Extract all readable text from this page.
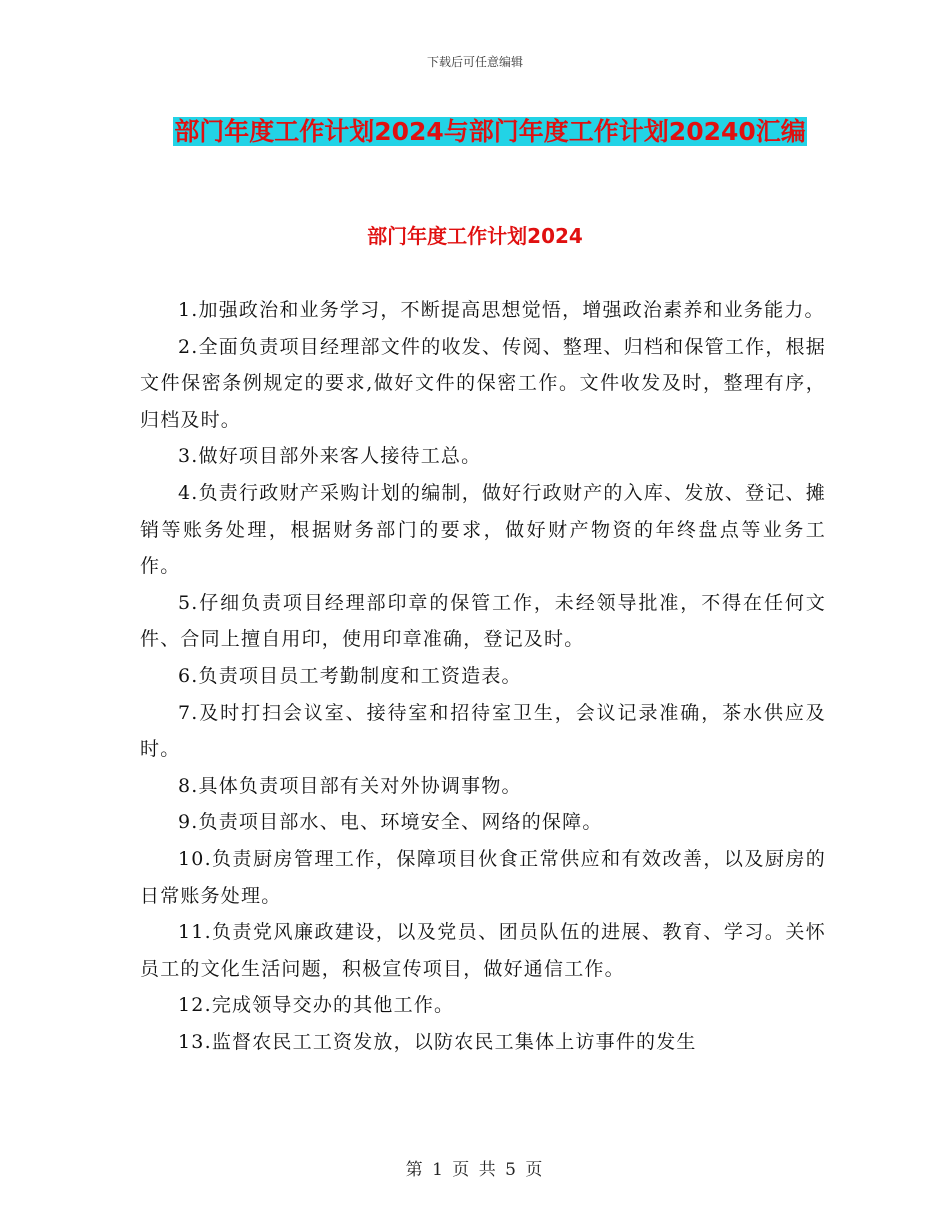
下载后可任意编辑
部门年度工作计划2024与部门年度工作计划20240汇编
部门年度工作计划2024

1.加强政治和业务学习，不断提高思想觉悟，增强政治素养和业务能力。

2.全面负责项目经理部文件的收发、传阅、整理、归档和保管工作，根据文件保密条例规定的要求,做好文件的保密工作。文件收发及时，整理有序，归档及时。

3.做好项目部外来客人接待工总。

4.负责行政财产采购计划的编制，做好行政财产的入库、发放、登记、摊销等账务处理，根据财务部门的要求，做好财产物资的年终盘点等业务工作。

5.仔细负责项目经理部印章的保管工作，未经领导批准，不得在任何文件、合同上擅自用印，使用印章准确，登记及时。

6.负责项目员工考勤制度和工资造表。

7.及时打扫会议室、接待室和招待室卫生，会议记录准确，茶水供应及时。

8.具体负责项目部有关对外协调事物。

9.负责项目部水、电、环境安全、网络的保障。

10.负责厨房管理工作，保障项目伙食正常供应和有效改善，以及厨房的日常账务处理。

11.负责党风廉政建设，以及党员、团员队伍的进展、教育、学习。关怀员工的文化生活问题，积极宣传项目，做好通信工作。

12.完成领导交办的其他工作。

13.监督农民工工资发放，以防农民工集体上访事件的发生

第 1 页 共 5 页
